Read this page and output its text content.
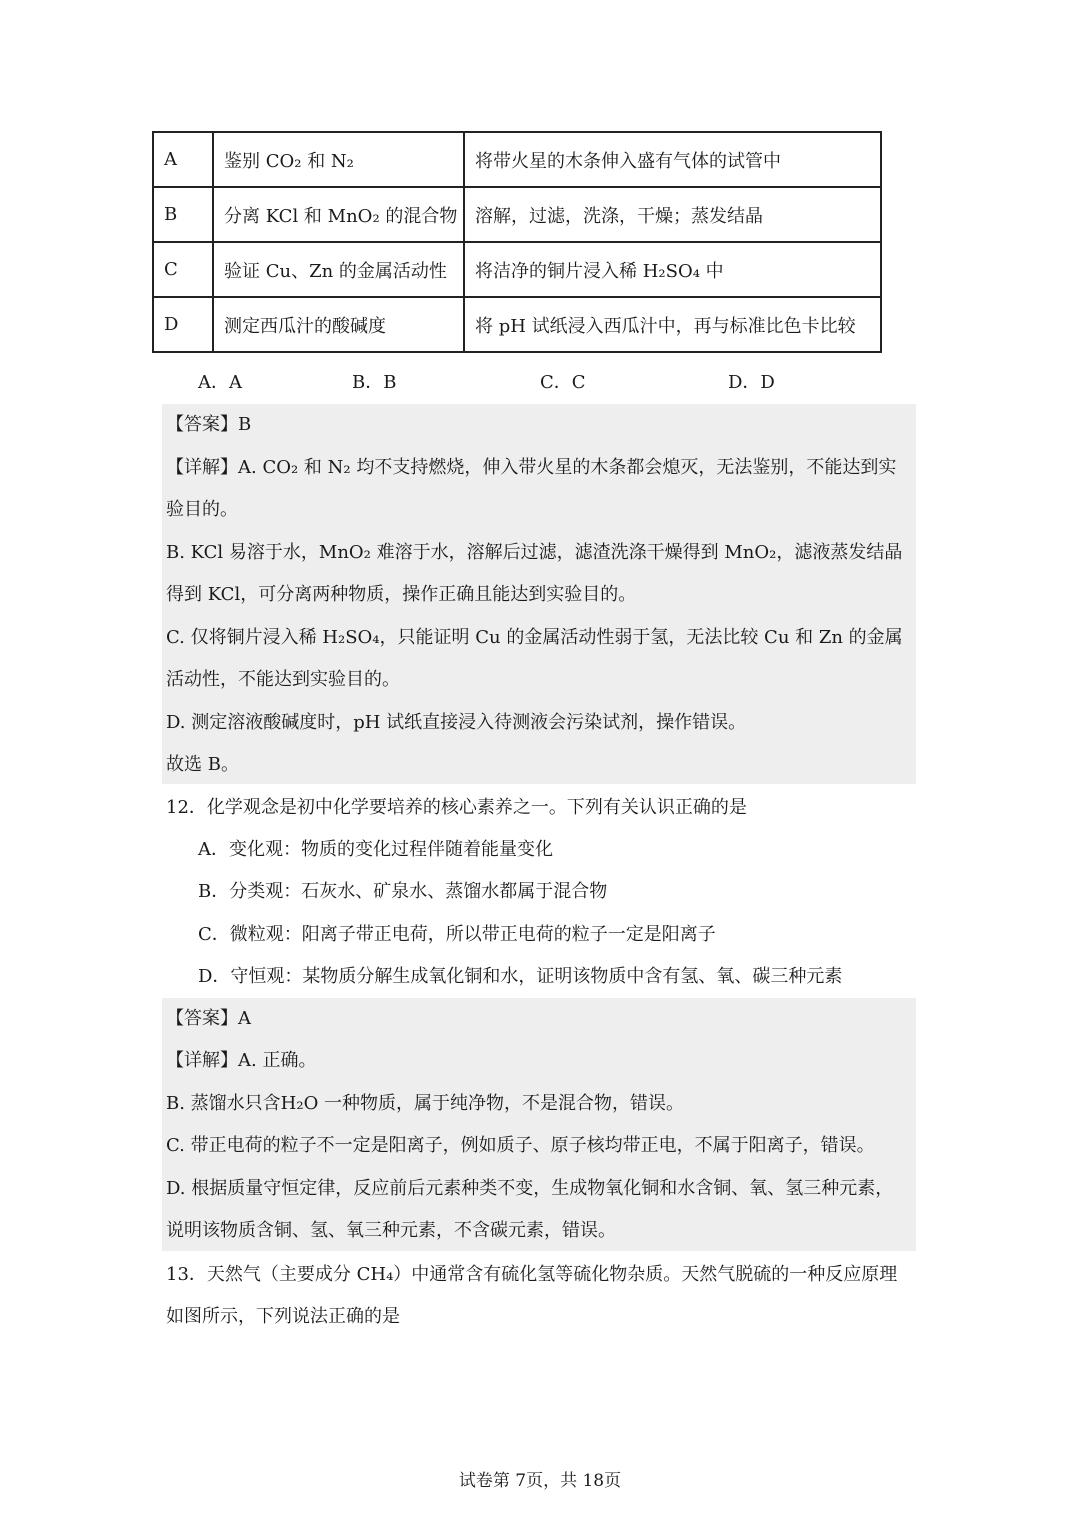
A	鉴别 CO₂ 和 N₂	将带火星的木条伸入盛有气体的试管中
B	分离 KCl 和 MnO₂ 的混合物	溶解，过滤，洗涤，干燥；蒸发结晶
C	验证 Cu、Zn 的金属活动性	将洁净的铜片浸入稀 H₂SO₄ 中
D	测定西瓜汁的酸碱度	将 pH 试纸浸入西瓜汁中，再与标准比色卡比较
A．A	B．B	C．C	D．D
【答案】B
【详解】A. CO₂ 和 N₂ 均不支持燃烧，伸入带火星的木条都会熄灭，无法鉴别，不能达到实
验目的。
B. KCl 易溶于水，MnO₂ 难溶于水，溶解后过滤，滤渣洗涤干燥得到 MnO₂，滤液蒸发结晶
得到 KCl，可分离两种物质，操作正确且能达到实验目的。
C. 仅将铜片浸入稀 H₂SO₄，只能证明 Cu 的金属活动性弱于氢，无法比较 Cu 和 Zn 的金属
活动性，不能达到实验目的。
D. 测定溶液酸碱度时，pH 试纸直接浸入待测液会污染试剂，操作错误。
故选 B。
12．化学观念是初中化学要培养的核心素养之一。下列有关认识正确的是
A．变化观：物质的变化过程伴随着能量变化
B．分类观：石灰水、矿泉水、蒸馏水都属于混合物
C．微粒观：阳离子带正电荷，所以带正电荷的粒子一定是阳离子
D．守恒观：某物质分解生成氧化铜和水，证明该物质中含有氢、氧、碳三种元素
【答案】A
【详解】A. 正确。
B. 蒸馏水只含H₂O 一种物质，属于纯净物，不是混合物，错误。
C. 带正电荷的粒子不一定是阳离子，例如质子、原子核均带正电，不属于阳离子，错误。
D. 根据质量守恒定律，反应前后元素种类不变，生成物氧化铜和水含铜、氧、氢三种元素，
说明该物质含铜、氢、氧三种元素，不含碳元素，错误。
13．天然气（主要成分 CH₄）中通常含有硫化氢等硫化物杂质。天然气脱硫的一种反应原理
如图所示，下列说法正确的是
试卷第 7页，共 18页
